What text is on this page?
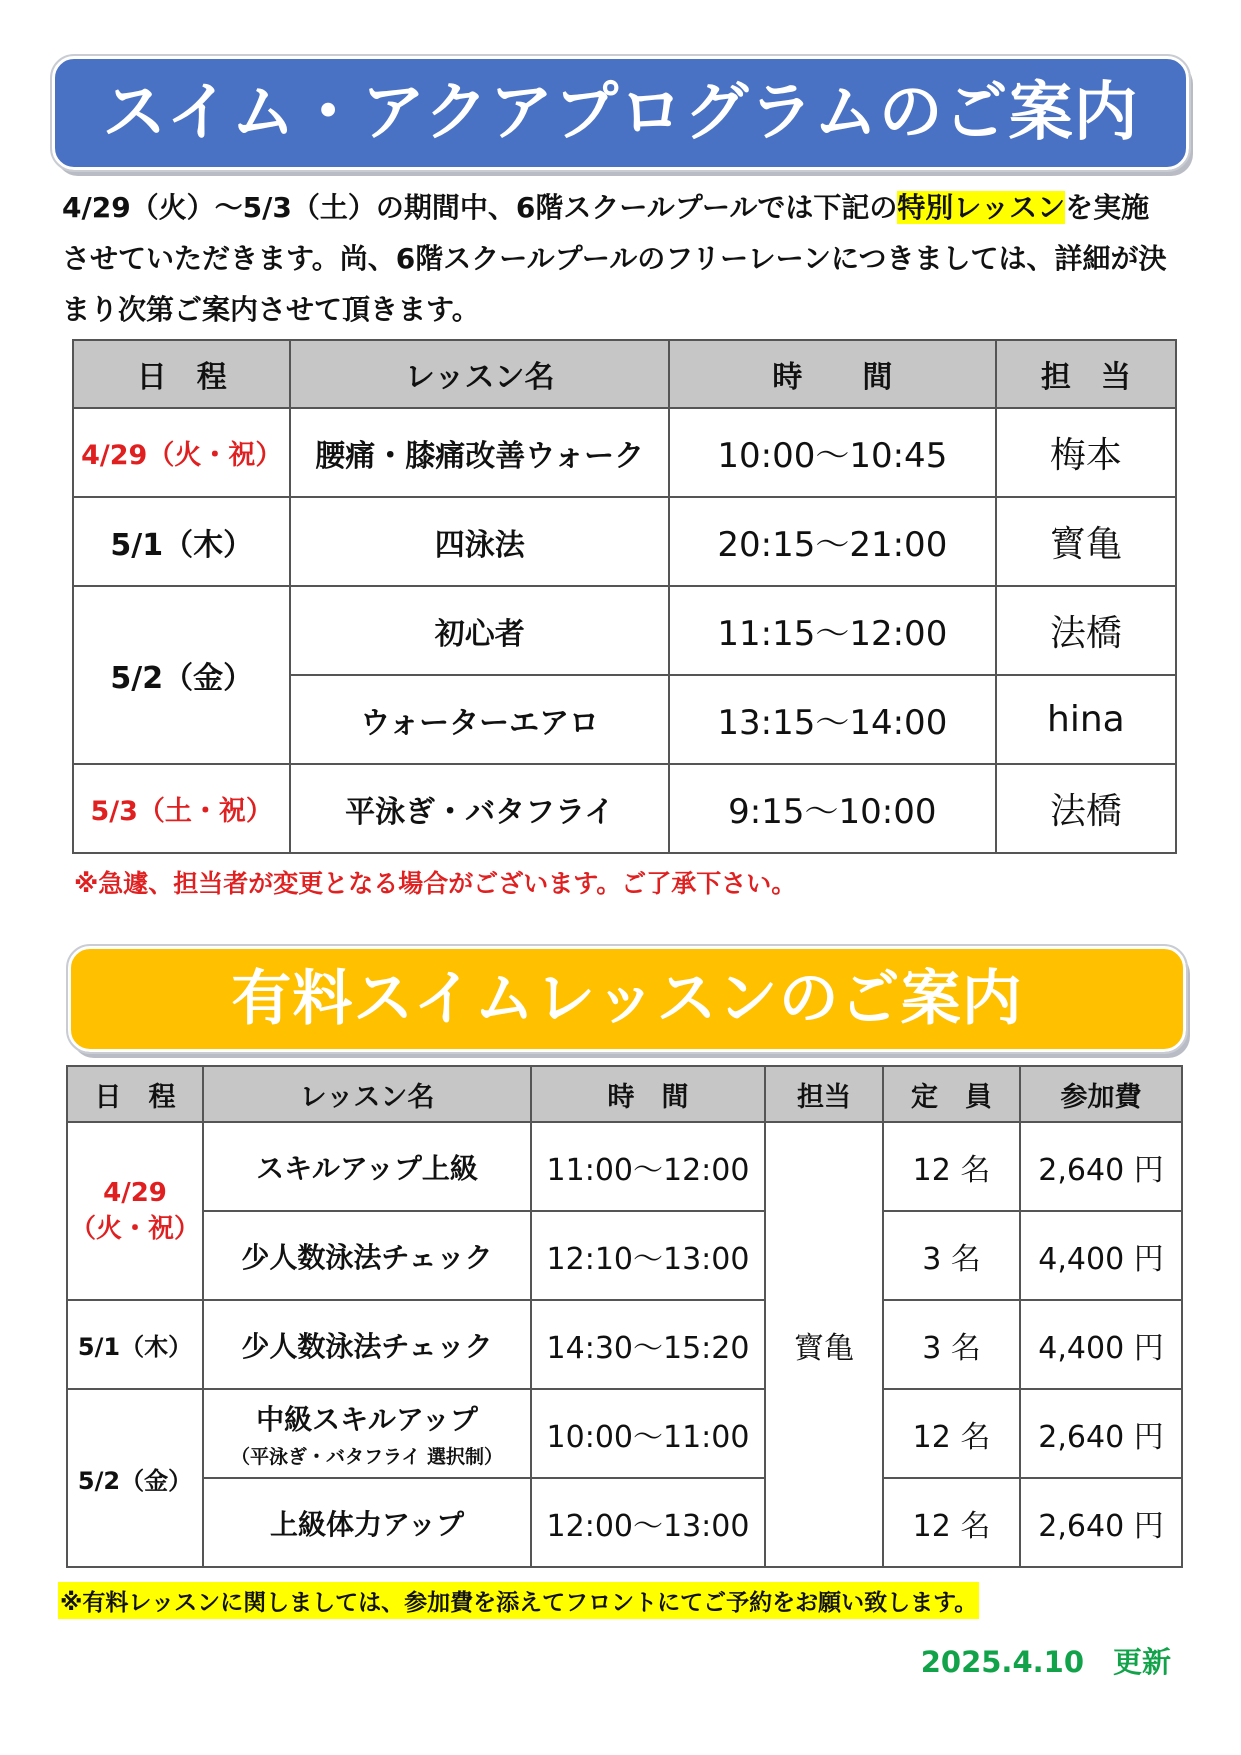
スイム・アクアプログラムのご案内
4/29（火）～5/3（土）の期間中、6階スクールプールでは下記の特別レッスンを実施させていただきます。尚、6階スクールプールのフリーレーンにつきましては、詳細が決まり次第ご案内させて頂きます。
日　程	レッスン名	時　　間	担　当
4/29（火・祝）	腰痛・膝痛改善ウォーク	10:00～10:45	梅本
5/1（木）	四泳法	20:15～21:00	寳亀
5/2（金）	初心者	11:15～12:00	法橋
	ウォーターエアロ	13:15～14:00	hina
5/3（土・祝）	平泳ぎ・バタフライ	9:15～10:00	法橋
※急遽、担当者が変更となる場合がございます。ご了承下さい。
有料スイムレッスンのご案内
日　程	レッスン名	時　間	担当	定　員	参加費
4/29
（火・祝）	スキルアップ上級	11:00～12:00	寳亀	12 名	2,640 円
	少人数泳法チェック	12:10～13:00		3 名	4,400 円
5/1（木）	少人数泳法チェック	14:30～15:20		3 名	4,400 円
5/2（金）	中級スキルアップ
（平泳ぎ・バタフライ 選択制）	10:00～11:00		12 名	2,640 円
	上級体力アップ	12:00～13:00		12 名	2,640 円
※有料レッスンに関しましては、参加費を添えてフロントにてご予約をお願い致します。
2025.4.10　更新
